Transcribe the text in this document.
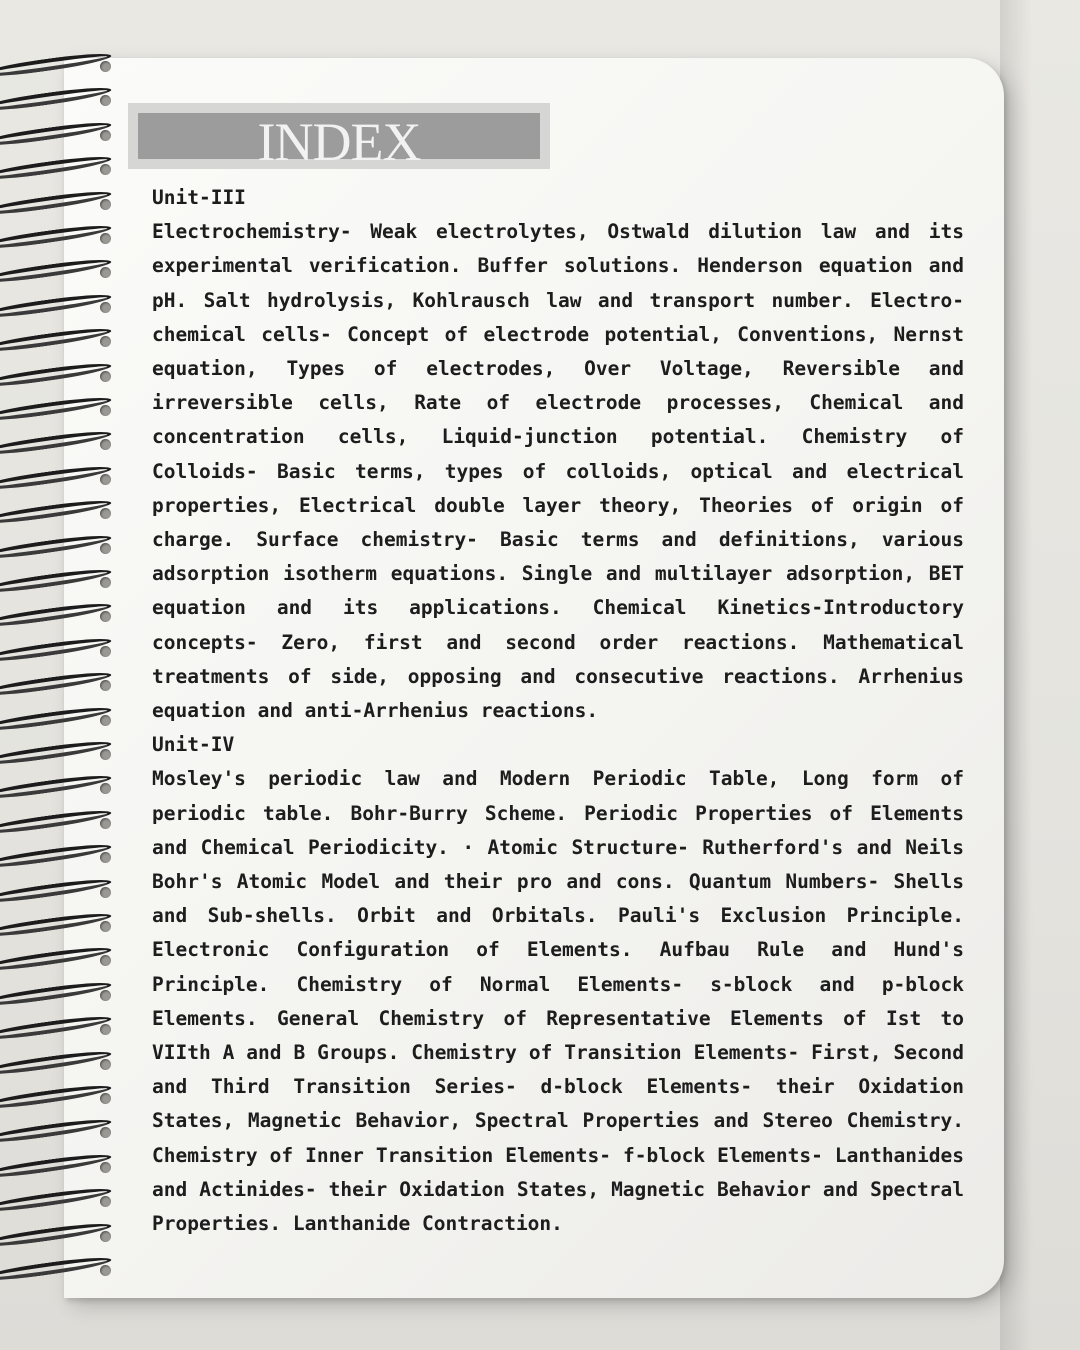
INDEX

Unit-III

Electrochemistry- Weak electrolytes, Ostwald dilution law and its experimental verification. Buffer solutions. Henderson equation and pH. Salt hydrolysis, Kohlrausch law and transport number. Electro-chemical cells- Concept of electrode potential, Conventions, Nernst equation, Types of electrodes, Over Voltage, Reversible and irreversible cells, Rate of electrode processes, Chemical and concentration cells, Liquid-junction potential. Chemistry of Colloids- Basic terms, types of colloids, optical and electrical properties, Electrical double layer theory, Theories of origin of charge. Surface chemistry- Basic terms and definitions, various adsorption isotherm equations. Single and multilayer adsorption, BET equation and its applications. Chemical Kinetics-Introductory concepts- Zero, first and second order reactions. Mathematical treatments of side, opposing and consecutive reactions. Arrhenius equation and anti-Arrhenius reactions.

Unit-IV

Mosley's periodic law and Modern Periodic Table, Long form of periodic table. Bohr-Burry Scheme. Periodic Properties of Elements and Chemical Periodicity. · Atomic Structure- Rutherford's and Neils Bohr's Atomic Model and their pro and cons. Quantum Numbers- Shells and Sub-shells. Orbit and Orbitals. Pauli's Exclusion Principle. Electronic Configuration of Elements. Aufbau Rule and Hund's Principle. Chemistry of Normal Elements- s-block and p-block Elements. General Chemistry of Representative Elements of Ist to VIIth A and B Groups. Chemistry of Transition Elements- First, Second and Third Transition Series- d-block Elements- their Oxidation States, Magnetic Behavior, Spectral Properties and Stereo Chemistry. Chemistry of Inner Transition Elements- f-block Elements- Lanthanides and Actinides- their Oxidation States, Magnetic Behavior and Spectral Properties. Lanthanide Contraction.
